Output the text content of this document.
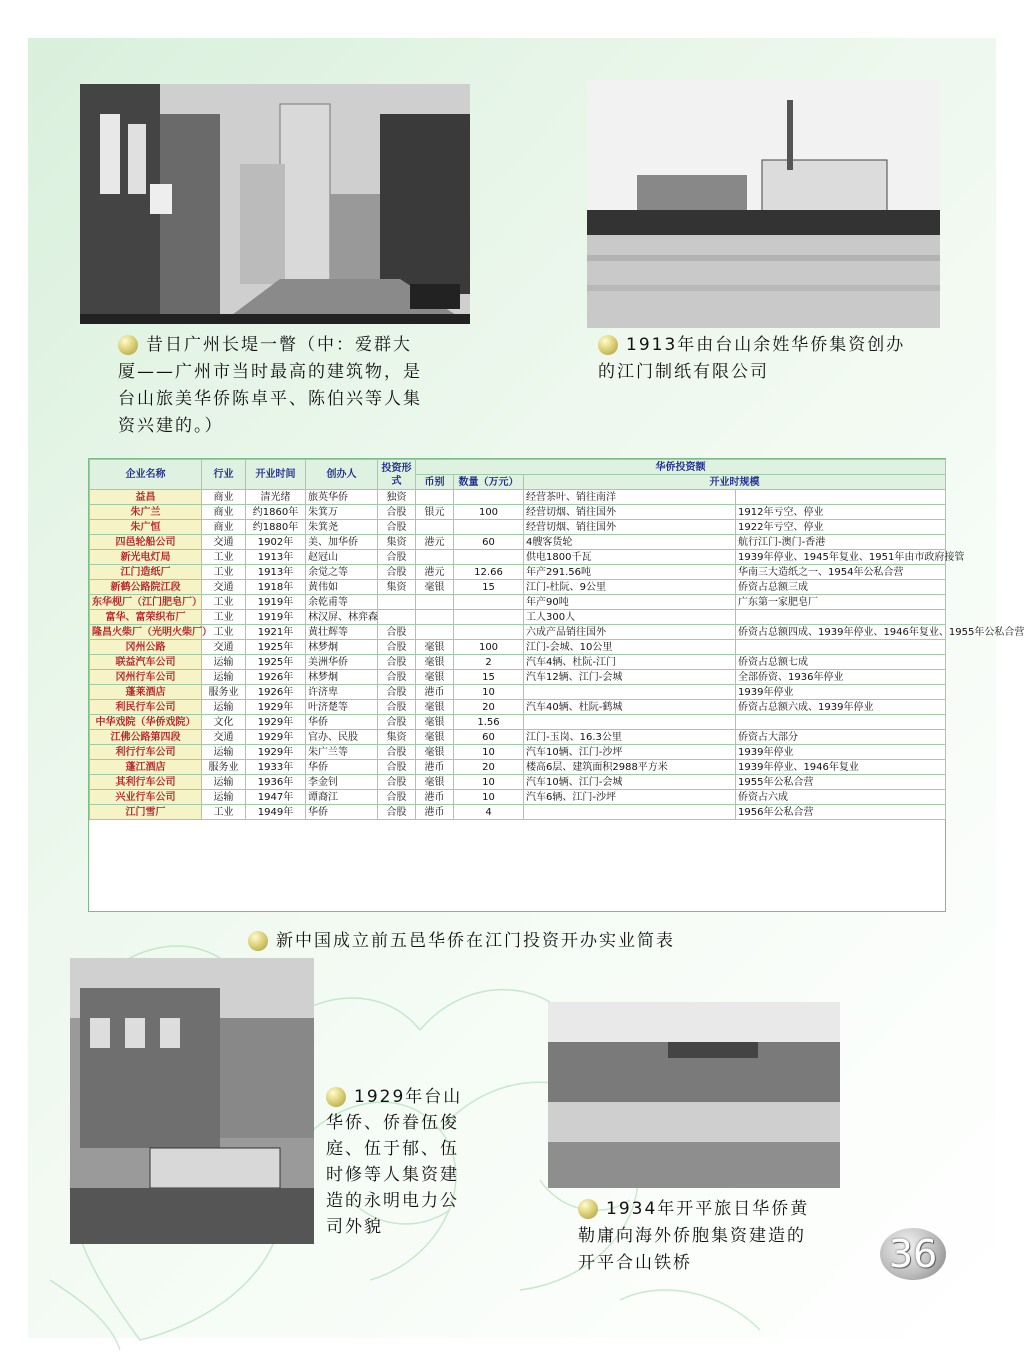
昔日广州长堤一瞥（中：爱群大
厦——广州市当时最高的建筑物，是
台山旅美华侨陈卓平、陈伯兴等人集
资兴建的。）
1913年由台山余姓华侨集资创办
的江门制纸有限公司
企业名称	行业	开业时间	创办人	投资形式	华侨投资额			
					币别	数量（万元）	开业时规模	
益昌	商业	清光绪	旅英华侨	独资			经营茶叶、销往南洋	
朱广兰	商业	约1860年	朱箕万	合股	银元	100	经营切烟、销往国外	1912年亏空、停业
朱广恒	商业	约1880年	朱箕尧	合股			经营切烟、销往国外	1922年亏空、停业
四邑轮船公司	交通	1902年	美、加华侨	集资	港元	60	4艘客货轮	航行江门-澳门-香港
新光电灯局	工业	1913年	赵冠山	合股			供电1800千瓦	1939年停业、1945年复业、1951年由市政府接管
江门造纸厂	工业	1913年	余觉之等	合股	港元	12.66	年产291.56吨	华南三大造纸之一、1954年公私合营
新鹤公路院江段	交通	1918年	黄伟如	集资	毫银	15	江门-杜阮、9公里	侨资占总额三成
东华枧厂（江门肥皂厂）	工业	1919年	余乾甫等				年产90吨	广东第一家肥皂厂
富华、富荣织布厂	工业	1919年	林汉屏、林弈森				工人300人	
隆昌火柴厂（光明火柴厂）	工业	1921年	黄壮辉等	合股			六成产品销往国外	侨资占总额四成、1939年停业、1946年复业、1955年公私合营
冈州公路	交通	1925年	林梦炯	合股	毫银	100	江门-会城、10公里	
联益汽车公司	运输	1925年	美洲华侨	合股	毫银	2	汽车4辆、杜阮-江门	侨资占总额七成
冈州行车公司	运输	1926年	林梦炯	合股	毫银	15	汽车12辆、江门-会城	全部侨资、1936年停业
蓬莱酒店	服务业	1926年	许济卑	合股	港币	10		1939年停业
利民行车公司	运输	1929年	叶济楚等	合股	毫银	20	汽车40辆、杜阮-鹤城	侨资占总额六成、1939年停业
中华戏院（华侨戏院）	文化	1929年	华侨	合股	毫银	1.56		
江佛公路第四段	交通	1929年	官办、民股	集资	毫银	60	江门-玉岗、16.3公里	侨资占大部分
利行行车公司	运输	1929年	朱广兰等	合股	毫银	10	汽车10辆、江门-沙坪	1939年停业
蓬江酒店	服务业	1933年	华侨	合股	港币	20	楼高6层、建筑面积2988平方米	1939年停业、1946年复业
其利行车公司	运输	1936年	李金钊	合股	毫银	10	汽车10辆、江门-会城	1955年公私合营
兴业行车公司	运输	1947年	谭裔江	合股	港币	10	汽车6辆、江门-沙坪	侨资占六成
江门雪厂	工业	1949年	华侨	合股	港币	4		1956年公私合营
新中国成立前五邑华侨在江门投资开办实业简表
1929年台山
华侨、侨眷伍俊
庭、伍于郁、伍
时修等人集资建
造的永明电力公
司外貌
1934年开平旅日华侨黄
勒庸向海外侨胞集资建造的
开平合山铁桥	36
